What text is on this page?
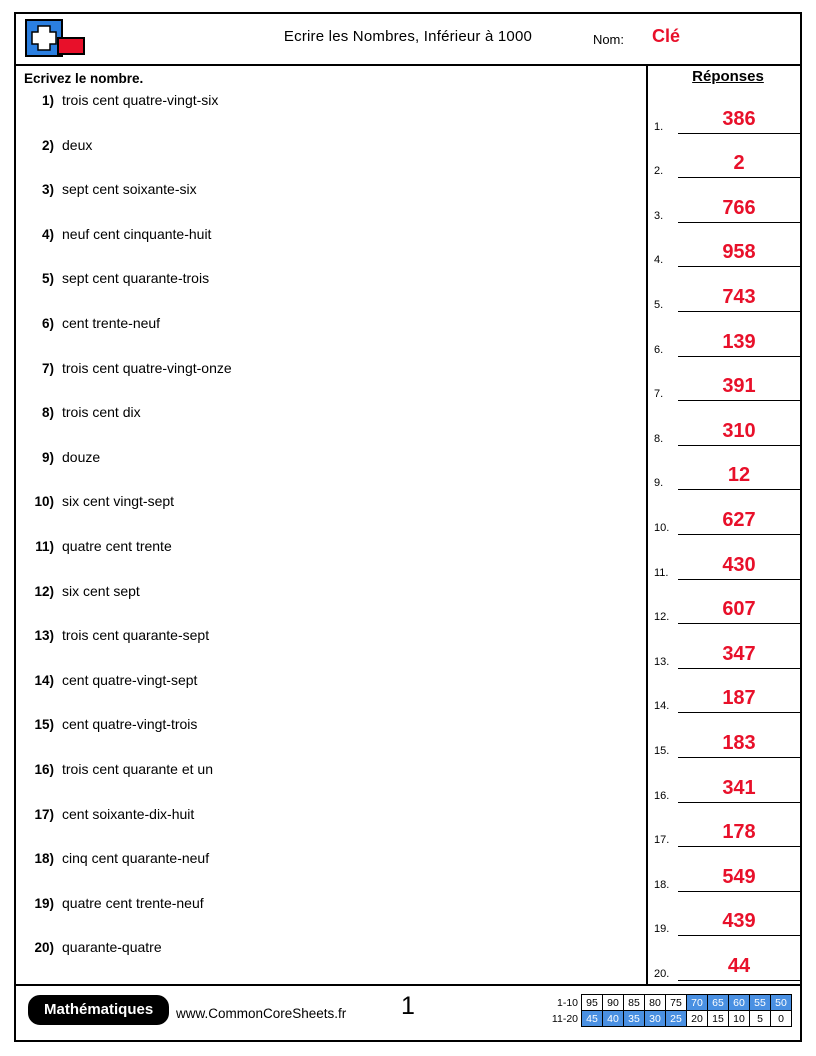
Ecrire les Nombres, Inférieur à 1000	Nom: Clé
Ecrivez le nombre.
1) trois cent quatre-vingt-six
2) deux
3) sept cent soixante-six
4) neuf cent cinquante-huit
5) sept cent quarante-trois
6) cent trente-neuf
7) trois cent quatre-vingt-onze
8) trois cent dix
9) douze
10) six cent vingt-sept
11) quatre cent trente
12) six cent sept
13) trois cent quarante-sept
14) cent quatre-vingt-sept
15) cent quatre-vingt-trois
16) trois cent quarante et un
17) cent soixante-dix-huit
18) cinq cent quarante-neuf
19) quatre cent trente-neuf
20) quarante-quatre
Réponses
1.	386
2.	2
3.	766
4.	958
5.	743
6.	139
7.	391
8.	310
9.	12
10.	627
11.	430
12.	607
13.	347
14.	187
15.	183
16.	341
17.	178
18.	549
19.	439
20.	44
Mathématiques	www.CommonCoreSheets.fr	1	1-10	95	90	85	80	75	70	65	60	55	50
11-20	45	40	35	30	25	20	15	10	5	0
